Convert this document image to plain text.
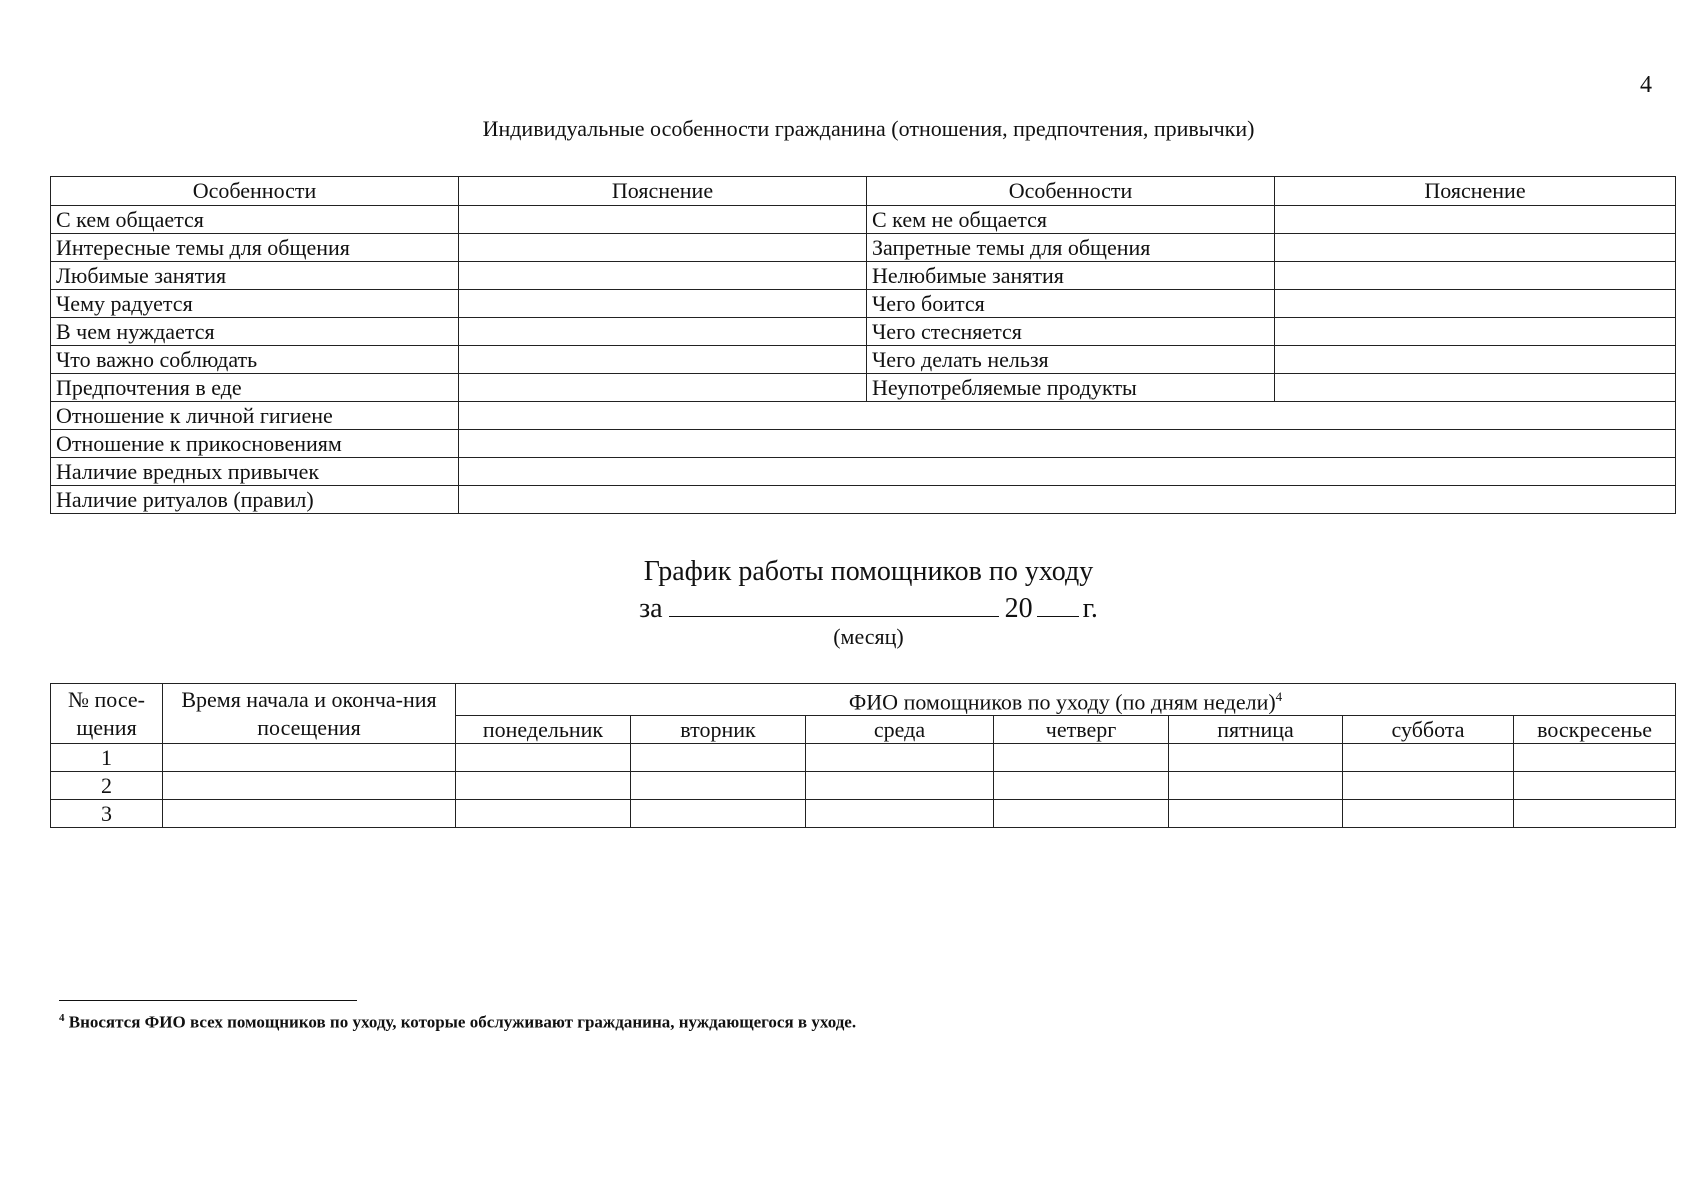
4
Индивидуальные особенности гражданина (отношения, предпочтения, привычки)
Особенности	Пояснение	Особенности	Пояснение
С кем общается		С кем не общается	
Интересные темы для общения		Запретные темы для общения	
Любимые занятия		Нелюбимые занятия	
Чему радуется		Чего боится	
В чем нуждается		Чего стесняется	
Что важно соблюдать		Чего делать нельзя	
Предпочтения в еде		Неупотребляемые продукты	
Отношение к личной гигиене			
Отношение к прикосновениям			
Наличие вредных привычек			
Наличие ритуалов (правил)			
График работы помощников по уходу
за	20 г.
(месяц)
№ посе-щения	Время начала и оконча-ния посещения	ФИО помощников по уходу (по дням недели)$^4$
		понедельник	вторник	среда	четверг	пятница	суббота	воскресенье
1								
2								
3								
$^4$ Вносятся ФИО всех помощников по уходу, которые обслуживают гражданина, нуждающегося в уходе.
